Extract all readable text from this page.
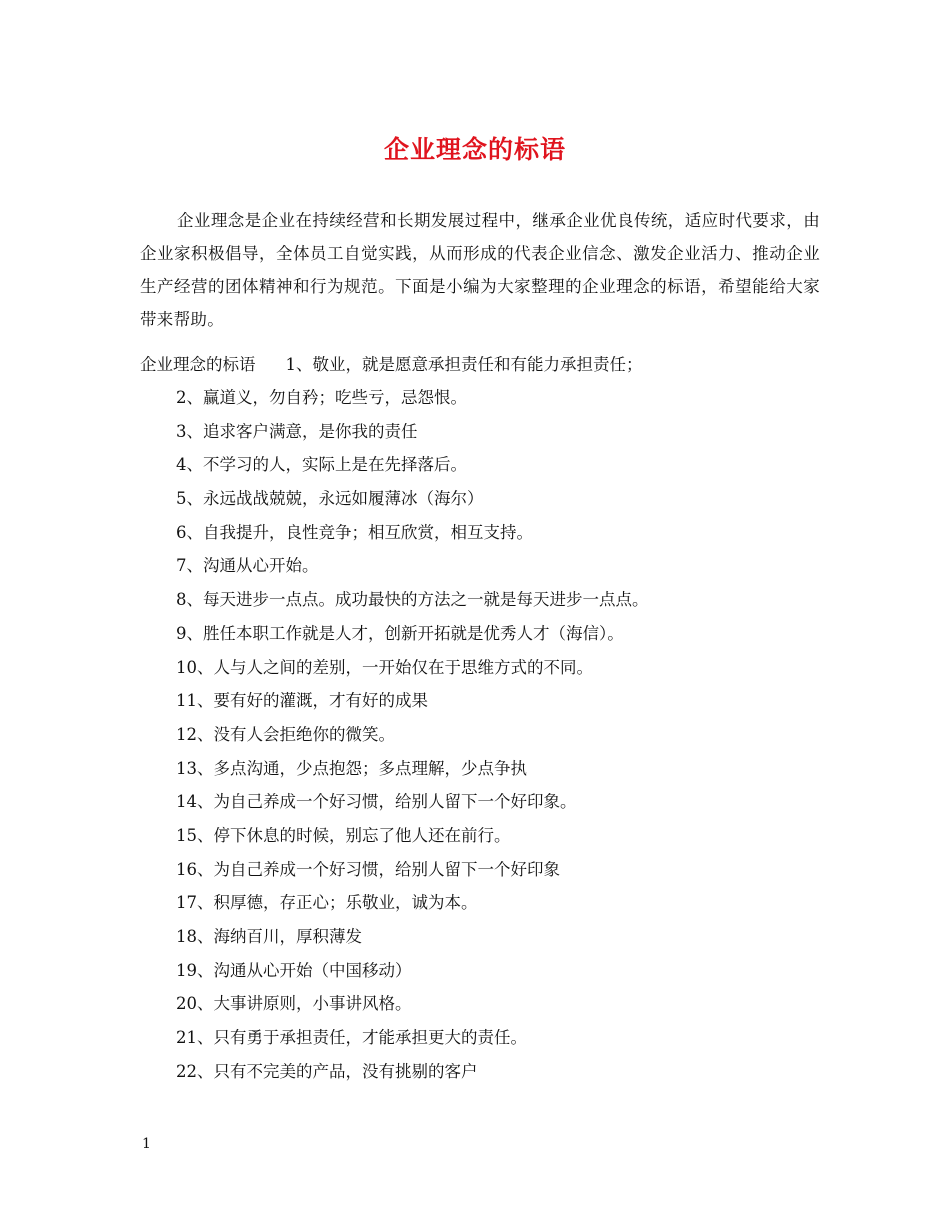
企业理念的标语

企业理念是企业在持续经营和长期发展过程中，继承企业优良传统，适应时代要求，由企业家积极倡导，全体员工自觉实践，从而形成的代表企业信念、激发企业活力、推动企业生产经营的团体精神和行为规范。下面是小编为大家整理的企业理念的标语，希望能给大家带来帮助。

企业理念的标语 1、敬业，就是愿意承担责任和有能力承担责任；
2、赢道义，勿自矜；吃些亏，忌怨恨。
3、追求客户满意，是你我的责任
4、不学习的人，实际上是在先择落后。
5、永远战战兢兢，永远如履薄冰（海尔）
6、自我提升，良性竞争；相互欣赏，相互支持。
7、沟通从心开始。
8、每天进步一点点。成功最快的方法之一就是每天进步一点点。
9、胜任本职工作就是人才，创新开拓就是优秀人才（海信）。
10、人与人之间的差别，一开始仅在于思维方式的不同。
11、要有好的灌溉，才有好的成果
12、没有人会拒绝你的微笑。
13、多点沟通，少点抱怨；多点理解，少点争执
14、为自己养成一个好习惯，给别人留下一个好印象。
15、停下休息的时候，别忘了他人还在前行。
16、为自己养成一个好习惯，给别人留下一个好印象
17、积厚德，存正心；乐敬业，诚为本。
18、海纳百川，厚积薄发
19、沟通从心开始（中国移动）
20、大事讲原则，小事讲风格。
21、只有勇于承担责任，才能承担更大的责任。
22、只有不完美的产品，没有挑剔的客户
1
